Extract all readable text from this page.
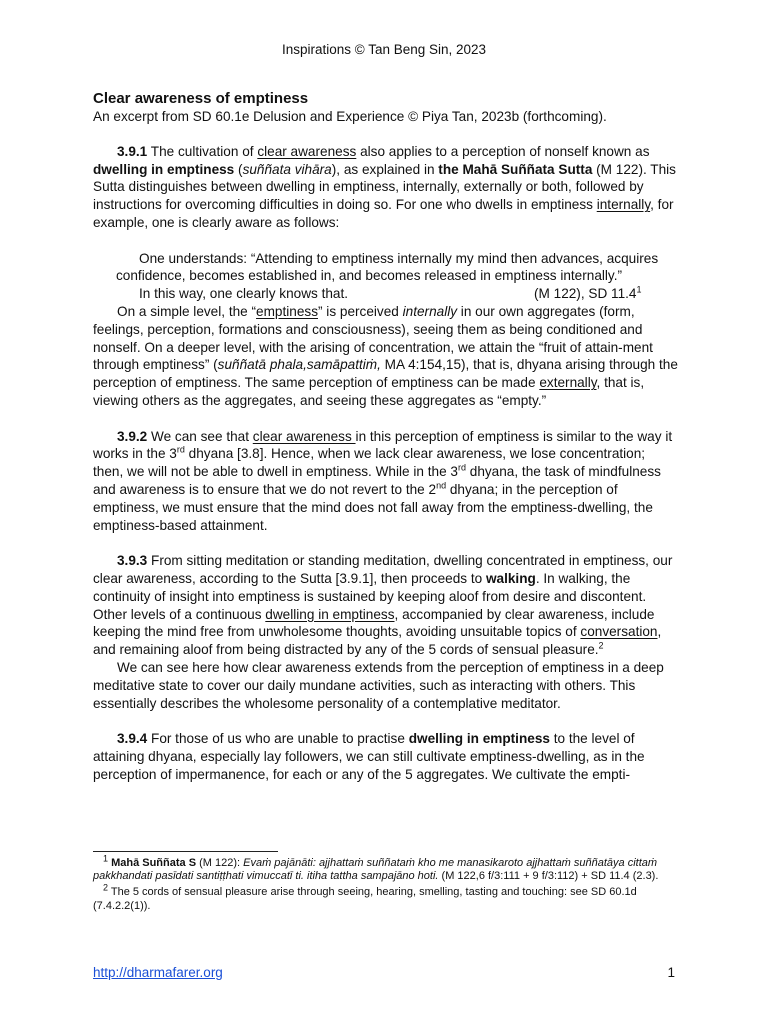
Inspirations © Tan Beng Sin, 2023

Clear awareness of emptiness

An excerpt from SD 60.1e Delusion and Experience © Piya Tan, 2023b (forthcoming).

3.9.1 The cultivation of clear awareness also applies to a perception of nonself known as dwelling in emptiness (suññata vihāra), as explained in the Mahā Suññata Sutta (M 122). This Sutta distinguishes between dwelling in emptiness, internally, externally or both, followed by instructions for overcoming difficulties in doing so. For one who dwells in emptiness internally, for example, one is clearly aware as follows:

One understands: “Attending to emptiness internally my mind then advances, acquires confidence, becomes established in, and becomes released in emptiness internally.”

In this way, one clearly knows that.	(M 122), SD 11.4$^1$

On a simple level, the “emptiness” is perceived internally in our own aggregates (form, feelings, perception, formations and consciousness), seeing them as being conditioned and nonself. On a deeper level, with the arising of concentration, we attain the “fruit of attain-ment through emptiness” (suññatā phala,samāpattiṁ, MA 4:154,15), that is, dhyana arising through the perception of emptiness. The same perception of emptiness can be made externally, that is, viewing others as the aggregates, and seeing these aggregates as “empty.”

3.9.2 We can see that clear awareness in this perception of emptiness is similar to the way it works in the 3rd dhyana [3.8]. Hence, when we lack clear awareness, we lose concentration; then, we will not be able to dwell in emptiness. While in the 3rd dhyana, the task of mindfulness and awareness is to ensure that we do not revert to the 2nd dhyana; in the perception of emptiness, we must ensure that the mind does not fall away from the emptiness-dwelling, the emptiness-based attainment.

3.9.3 From sitting meditation or standing meditation, dwelling concentrated in emptiness, our clear awareness, according to the Sutta [3.9.1], then proceeds to walking. In walking, the continuity of insight into emptiness is sustained by keeping aloof from desire and discontent. Other levels of a continuous dwelling in emptiness, accompanied by clear awareness, include keeping the mind free from unwholesome thoughts, avoiding unsuitable topics of conversation, and remaining aloof from being distracted by any of the 5 cords of sensual pleasure.$^2$

We can see here how clear awareness extends from the perception of emptiness in a deep meditative state to cover our daily mundane activities, such as interacting with others. This essentially describes the wholesome personality of a contemplative meditator.

3.9.4 For those of us who are unable to practise dwelling in emptiness to the level of attaining dhyana, especially lay followers, we can still cultivate emptiness-dwelling, as in the perception of impermanence, for each or any of the 5 aggregates. We cultivate the empti-

$^1$ Mahā Suññata S (M 122): Evaṁ pajānāti: ajjhattaṁ suññataṁ kho me manasikaroto ajjhattaṁ suññatāya cittaṁ pakkhandati pasīdati santiṭṭhati vimuccatī ti. itiha tattha sampajāno hoti. (M 122,6 f/3:111 + 9 f/3:112) + SD 11.4 (2.3).

$^2$ The 5 cords of sensual pleasure arise through seeing, hearing, smelling, tasting and touching: see SD 60.1d (7.4.2.2(1)).

http://dharmafarer.org	1
